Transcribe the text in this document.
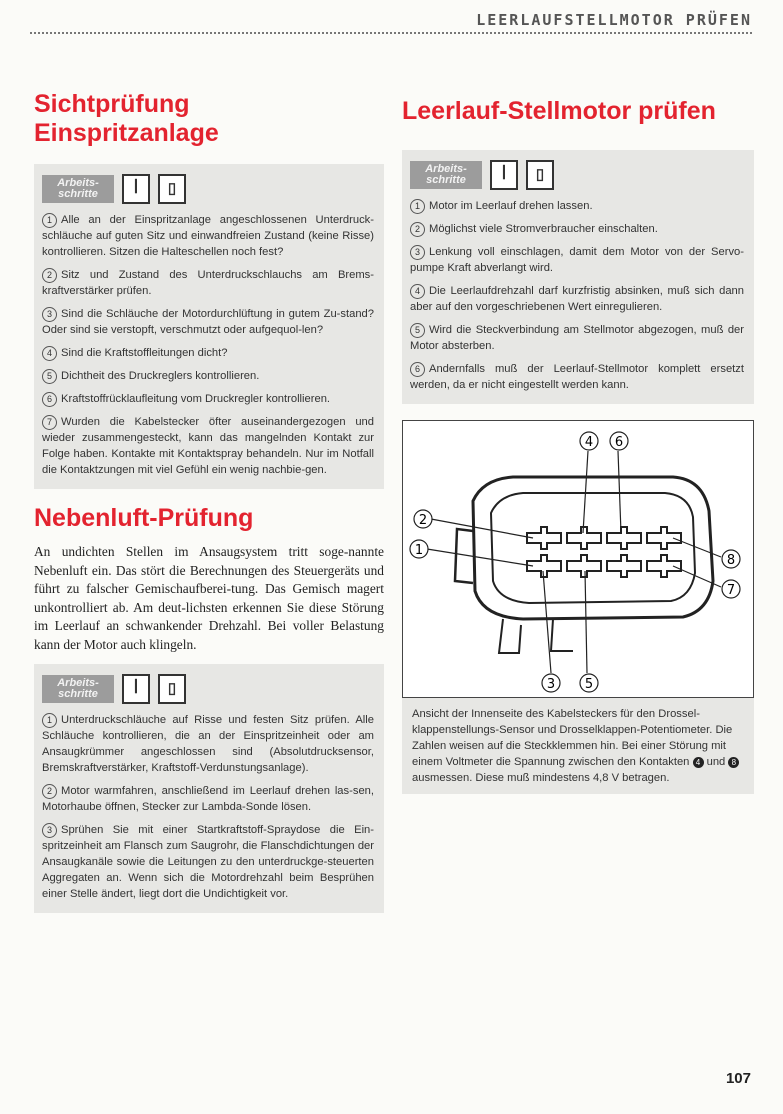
LEERLAUFSTELLMOTOR PRÜFEN
Sichtprüfung
Einspritzanlage
Arbeits-schritte	ꟾ	▯

1 Alle an der Einspritzanlage angeschlossenen Unterdruck-schläuche auf guten Sitz und einwandfreien Zustand (keine Risse) kontrollieren. Sitzen die Halteschellen noch fest?

2 Sitz und Zustand des Unterdruckschlauchs am Brems-kraftverstärker prüfen.

3 Sind die Schläuche der Motordurchlüftung in gutem Zu-stand? Oder sind sie verstopft, verschmutzt oder aufgequol-len?

4 Sind die Kraftstoffleitungen dicht?

5 Dichtheit des Druckreglers kontrollieren.

6 Kraftstoffrücklaufleitung vom Druckregler kontrollieren.

7 Wurden die Kabelstecker öfter auseinandergezogen und wieder zusammengesteckt, kann das mangelnden Kontakt zur Folge haben. Kontakte mit Kontaktspray behandeln. Nur im Notfall die Kontaktzungen mit viel Gefühl ein wenig nachbie-gen.

Nebenluft-Prüfung

An undichten Stellen im Ansaugsystem tritt soge-nannte Nebenluft ein. Das stört die Berechnungen des Steuergeräts und führt zu falscher Gemischaufberei-tung. Das Gemisch magert unkontrolliert ab. Am deut-lichsten erkennen Sie diese Störung im Leerlauf an schwankender Drehzahl. Bei voller Belastung kann der Motor auch klingeln.

Arbeits-schritte	ꟾ	▯

1 Unterdruckschläuche auf Risse und festen Sitz prüfen. Alle Schläuche kontrollieren, die an der Einspritzeinheit oder am Ansaugkrümmer angeschlossen sind (Absolutdrucksensor, Bremskraftverstärker, Kraftstoff-Verdunstungsanlage).

2 Motor warmfahren, anschließend im Leerlauf drehen las-sen, Motorhaube öffnen, Stecker zur Lambda-Sonde lösen.

3 Sprühen Sie mit einer Startkraftstoff-Spraydose die Ein-spritzeinheit am Flansch zum Saugrohr, die Flanschdichtungen der Ansaugkanäle sowie die Leitungen zu den unterdruckge-steuerten Aggregaten an. Wenn sich die Motordrehzahl beim Besprühen einer Stelle ändert, liegt dort die Undichtigkeit vor.

Leerlauf-Stellmotor prüfen
Arbeits-schritte	ꟾ	▯

1 Motor im Leerlauf drehen lassen.

2 Möglichst viele Stromverbraucher einschalten.

3 Lenkung voll einschlagen, damit dem Motor von der Servo-pumpe Kraft abverlangt wird.

4 Die Leerlaufdrehzahl darf kurzfristig absinken, muß sich dann aber auf den vorgeschriebenen Wert einregulieren.

5 Wird die Steckverbindung am Stellmotor abgezogen, muß der Motor absterben.

6 Andernfalls muß der Leerlauf-Stellmotor komplett ersetzt werden, da er nicht eingestellt werden kann.

4 6
2
1
8
7
3 5
Ansicht der Innenseite des Kabelsteckers für den Drossel-klappenstellungs-Sensor und Drosselklappen-Potentiometer. Die Zahlen weisen auf die Steckklemmen hin. Bei einer Störung mit einem Voltmeter die Spannung zwischen den Kontakten 4 und 8 ausmessen. Diese muß mindestens 4,8 V betragen.
107
